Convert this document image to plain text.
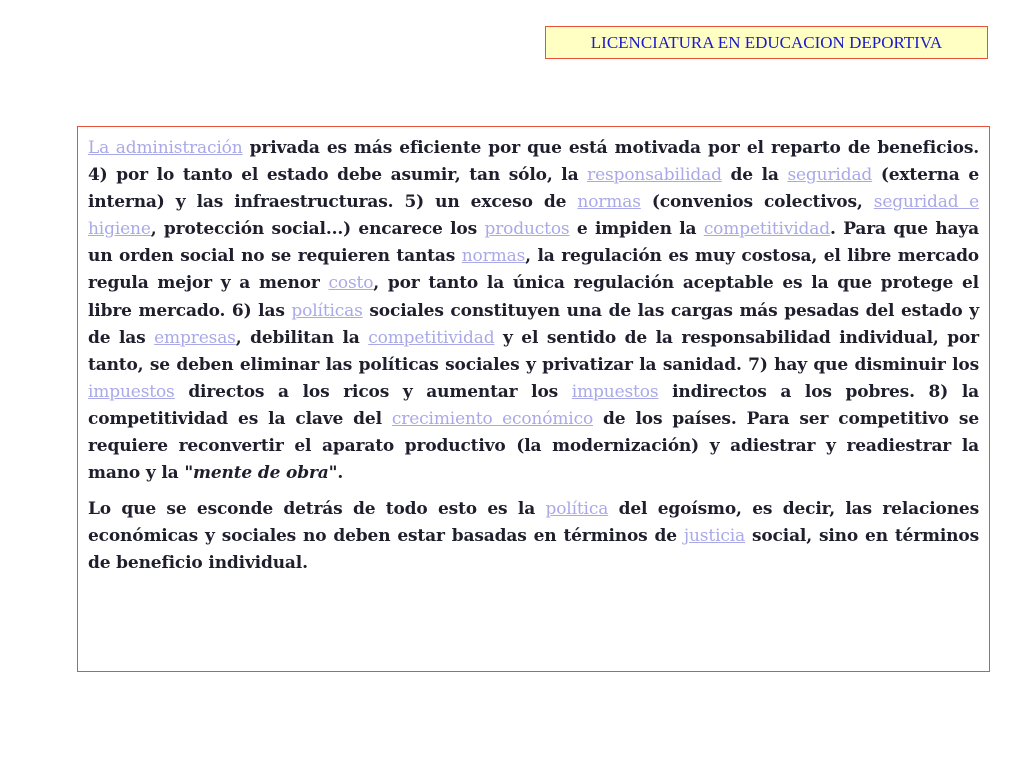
LICENCIATURA EN EDUCACION DEPORTIVA

La administración privada es más eficiente por que está motivada por el reparto de beneficios. 4) por lo tanto el estado debe asumir, tan sólo, la responsabilidad de la seguridad (externa e interna) y las infraestructuras. 5) un exceso de normas (convenios colectivos, seguridad e higiene, protección social...) encarece los productos e impiden la competitividad. Para que haya un orden social no se requieren tantas normas, la regulación es muy costosa, el libre mercado regula mejor y a menor costo, por tanto la única regulación aceptable es la que protege el libre mercado. 6) las políticas sociales constituyen una de las cargas más pesadas del estado y de las empresas, debilitan la competitividad y el sentido de la responsabilidad individual, por tanto, se deben eliminar las políticas sociales y privatizar la sanidad. 7) hay que disminuir los impuestos directos a los ricos y aumentar los impuestos indirectos a los pobres. 8) la competitividad es la clave del crecimiento económico de los países. Para ser competitivo se requiere reconvertir el aparato productivo (la modernización) y adiestrar y readiestrar la mano y la "mente de obra".

Lo que se esconde detrás de todo esto es la política del egoísmo, es decir, las relaciones económicas y sociales no deben estar basadas en términos de justicia social, sino en términos de beneficio individual.
